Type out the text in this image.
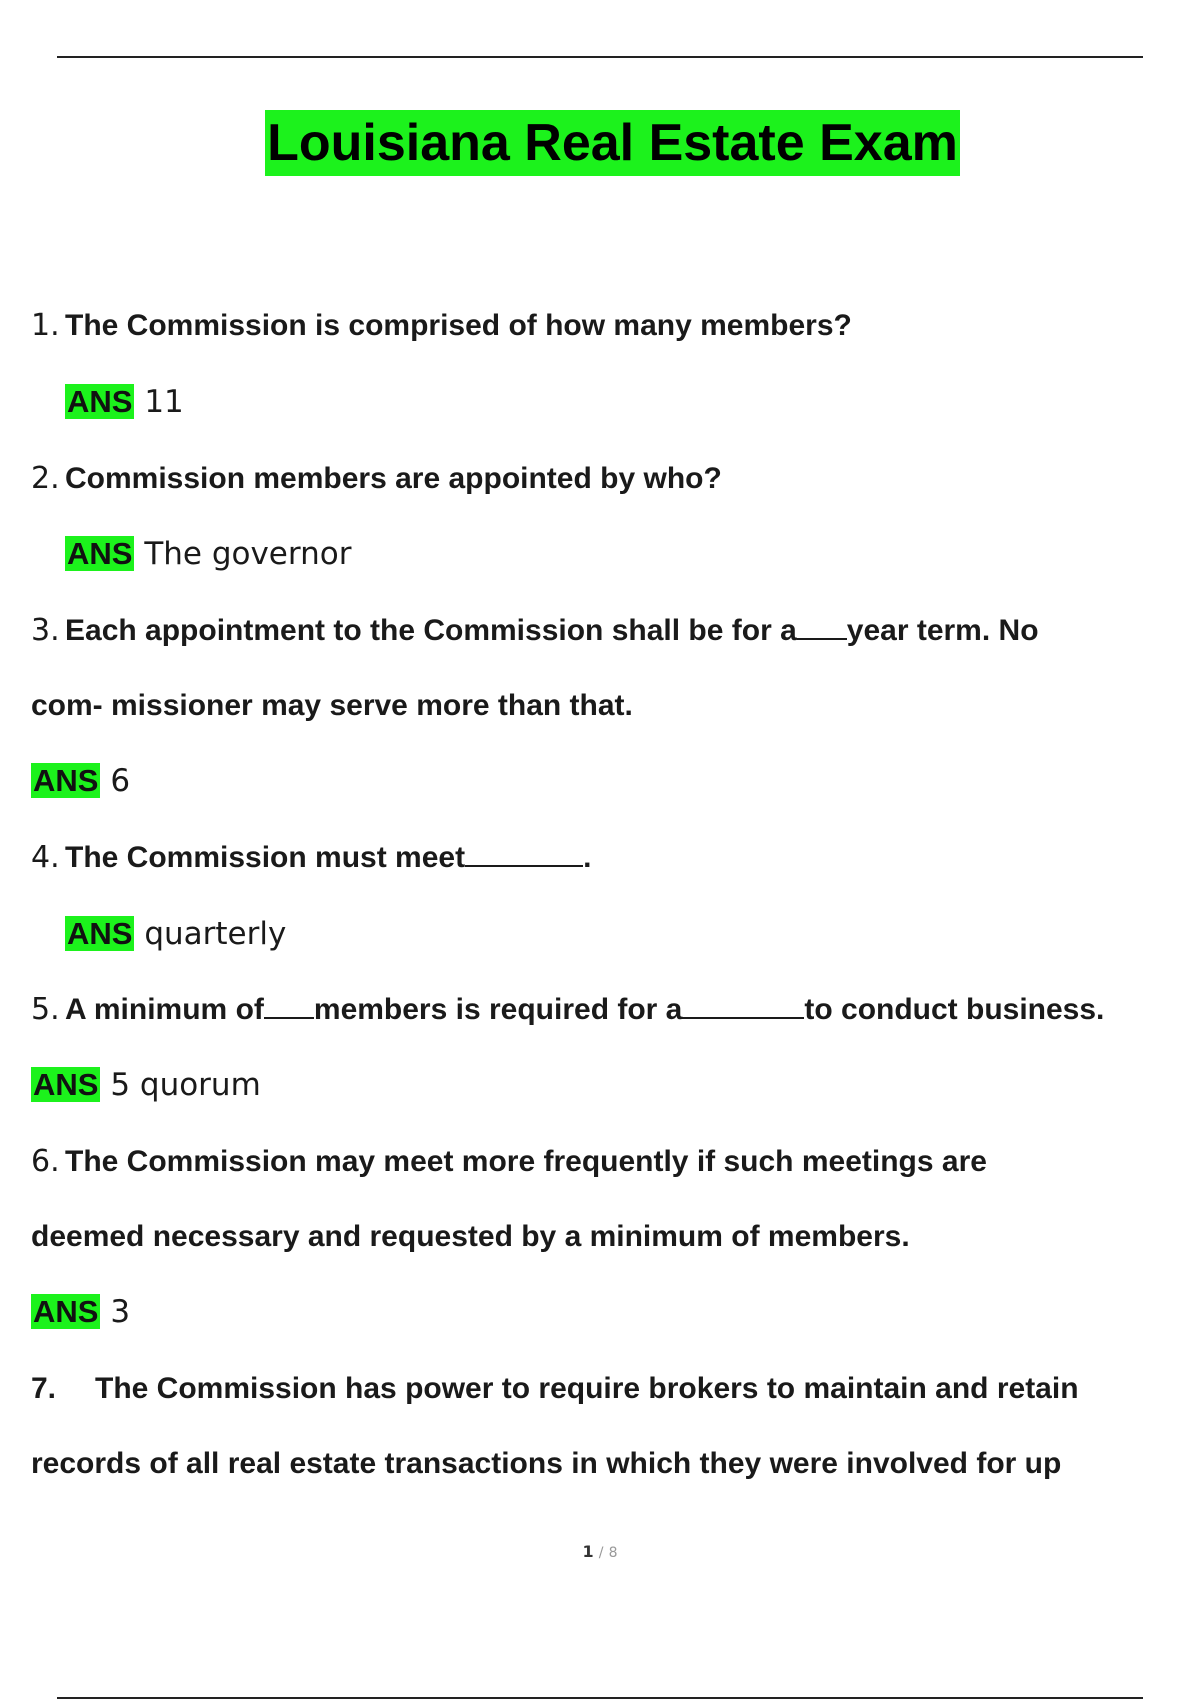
Louisiana Real Estate Exam
1. The Commission is comprised of how many members?
ANS 11
2. Commission members are appointed by who?
ANS The governor
3. Each appointment to the Commission shall be for a year term. No
com- missioner may serve more than that.
ANS 6
4. The Commission must meet	.
ANS quarterly
5. A minimum of members is required for a	to conduct business.
ANS 5 quorum
6. The Commission may meet more frequently if such meetings are
deemed necessary and requested by a minimum of members.
ANS 3
7. The Commission has power to require brokers to maintain and retain
records of all real estate transactions in which they were involved for up
1 / 8
